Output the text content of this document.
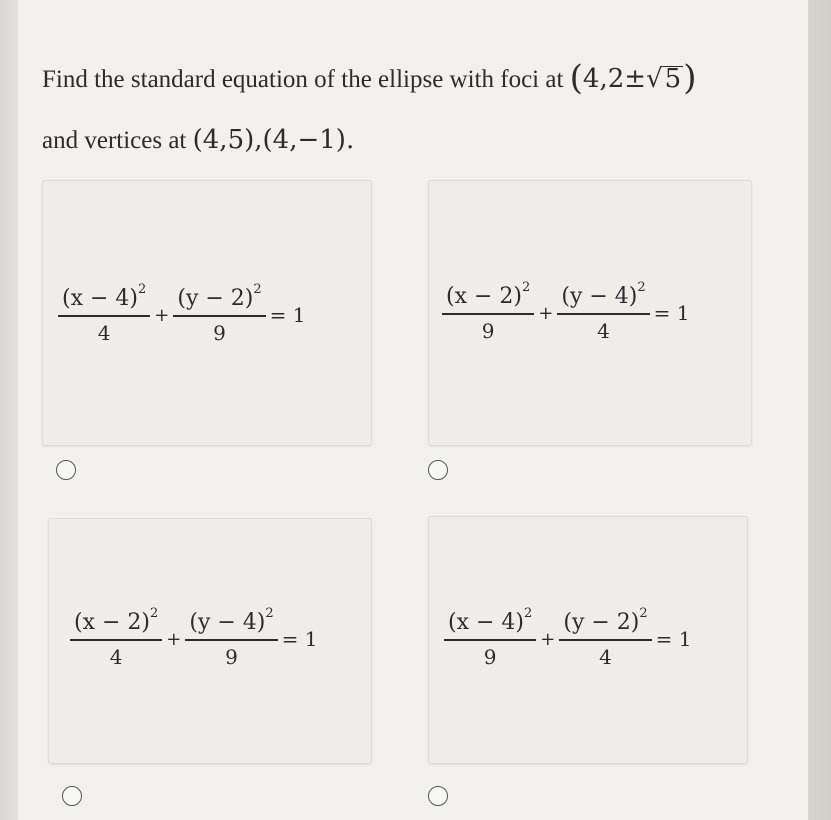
Find the standard equation of the ellipse with foci at (4,2±√5)
and vertices at (4,5),(4,−1).
$\frac{(x - 4)^2}{4} + \frac{(y - 2)^2}{9} = 1$	$\frac{(x - 2)^2}{9} + \frac{(y - 4)^2}{4} = 1$
$\frac{(x - 2)^2}{4} + \frac{(y - 4)^2}{9} = 1$	$\frac{(x - 4)^2}{9} + \frac{(y - 2)^2}{4} = 1$
